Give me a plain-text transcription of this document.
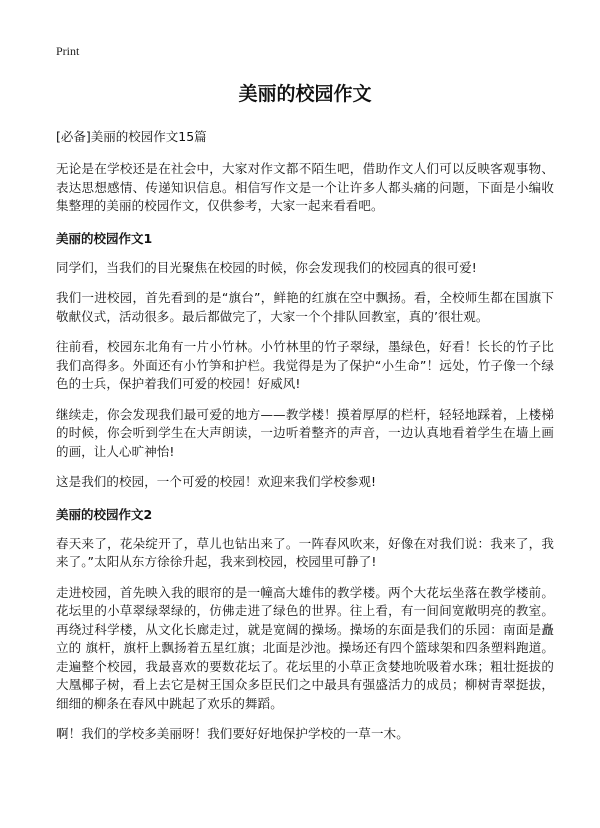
Print
美丽的校园作文
[必备]美丽的校园作文15篇

无论是在学校还是在社会中，大家对作文都不陌生吧，借助作文人们可以反映客观事物、表达思想感情、传递知识信息。相信写作文是一个让许多人都头痛的问题，下面是小编收集整理的美丽的校园作文，仅供参考，大家一起来看看吧。

美丽的校园作文1

同学们，当我们的目光聚焦在校园的时候，你会发现我们的校园真的很可爱!

我们一进校园，首先看到的是“旗台”，鲜艳的红旗在空中飘扬。看，全校师生都在国旗下敬献仪式，活动很多。最后都做完了，大家一个个排队回教室，真的’很壮观。

往前看，校园东北角有一片小竹林。小竹林里的竹子翠绿，墨绿色，好看！长长的竹子比我们高得多。外面还有小竹笋和护栏。我觉得是为了保护“小生命”！远处，竹子像一个绿色的士兵，保护着我们可爱的校园！好威风!

继续走，你会发现我们最可爱的地方——教学楼！摸着厚厚的栏杆，轻轻地踩着，上楼梯的时候，你会听到学生在大声朗读，一边听着整齐的声音，一边认真地看着学生在墙上画的画，让人心旷神怡!

这是我们的校园，一个可爱的校园！欢迎来我们学校参观!

美丽的校园作文2

春天来了，花朵绽开了，草儿也钻出来了。一阵春风吹来，好像在对我们说：我来了，我来了。”太阳从东方徐徐升起，我来到校园，校园里可静了!

走进校园，首先映入我的眼帘的是一幢高大雄伟的教学楼。两个大花坛坐落在教学楼前。花坛里的小草翠绿翠绿的，仿佛走进了绿色的世界。往上看，有一间间宽敞明亮的教室。再绕过科学楼，从文化长廊走过，就是宽阔的操场。操场的东面是我们的乐园：南面是矗立的 旗杆，旗杆上飘扬着五星红旗；北面是沙池。操场还有四个篮球架和四条塑料跑道。走遍整个校园，我最喜欢的要数花坛了。花坛里的小草正贪婪地吮吸着水珠；粗壮挺拔的大凰椰子树，看上去它是树王国众多臣民们之中最具有强盛活力的成员；柳树青翠挺拔，细细的柳条在春风中跳起了欢乐的舞蹈。

啊！我们的学校多美丽呀！我们要好好地保护学校的一草一木。
